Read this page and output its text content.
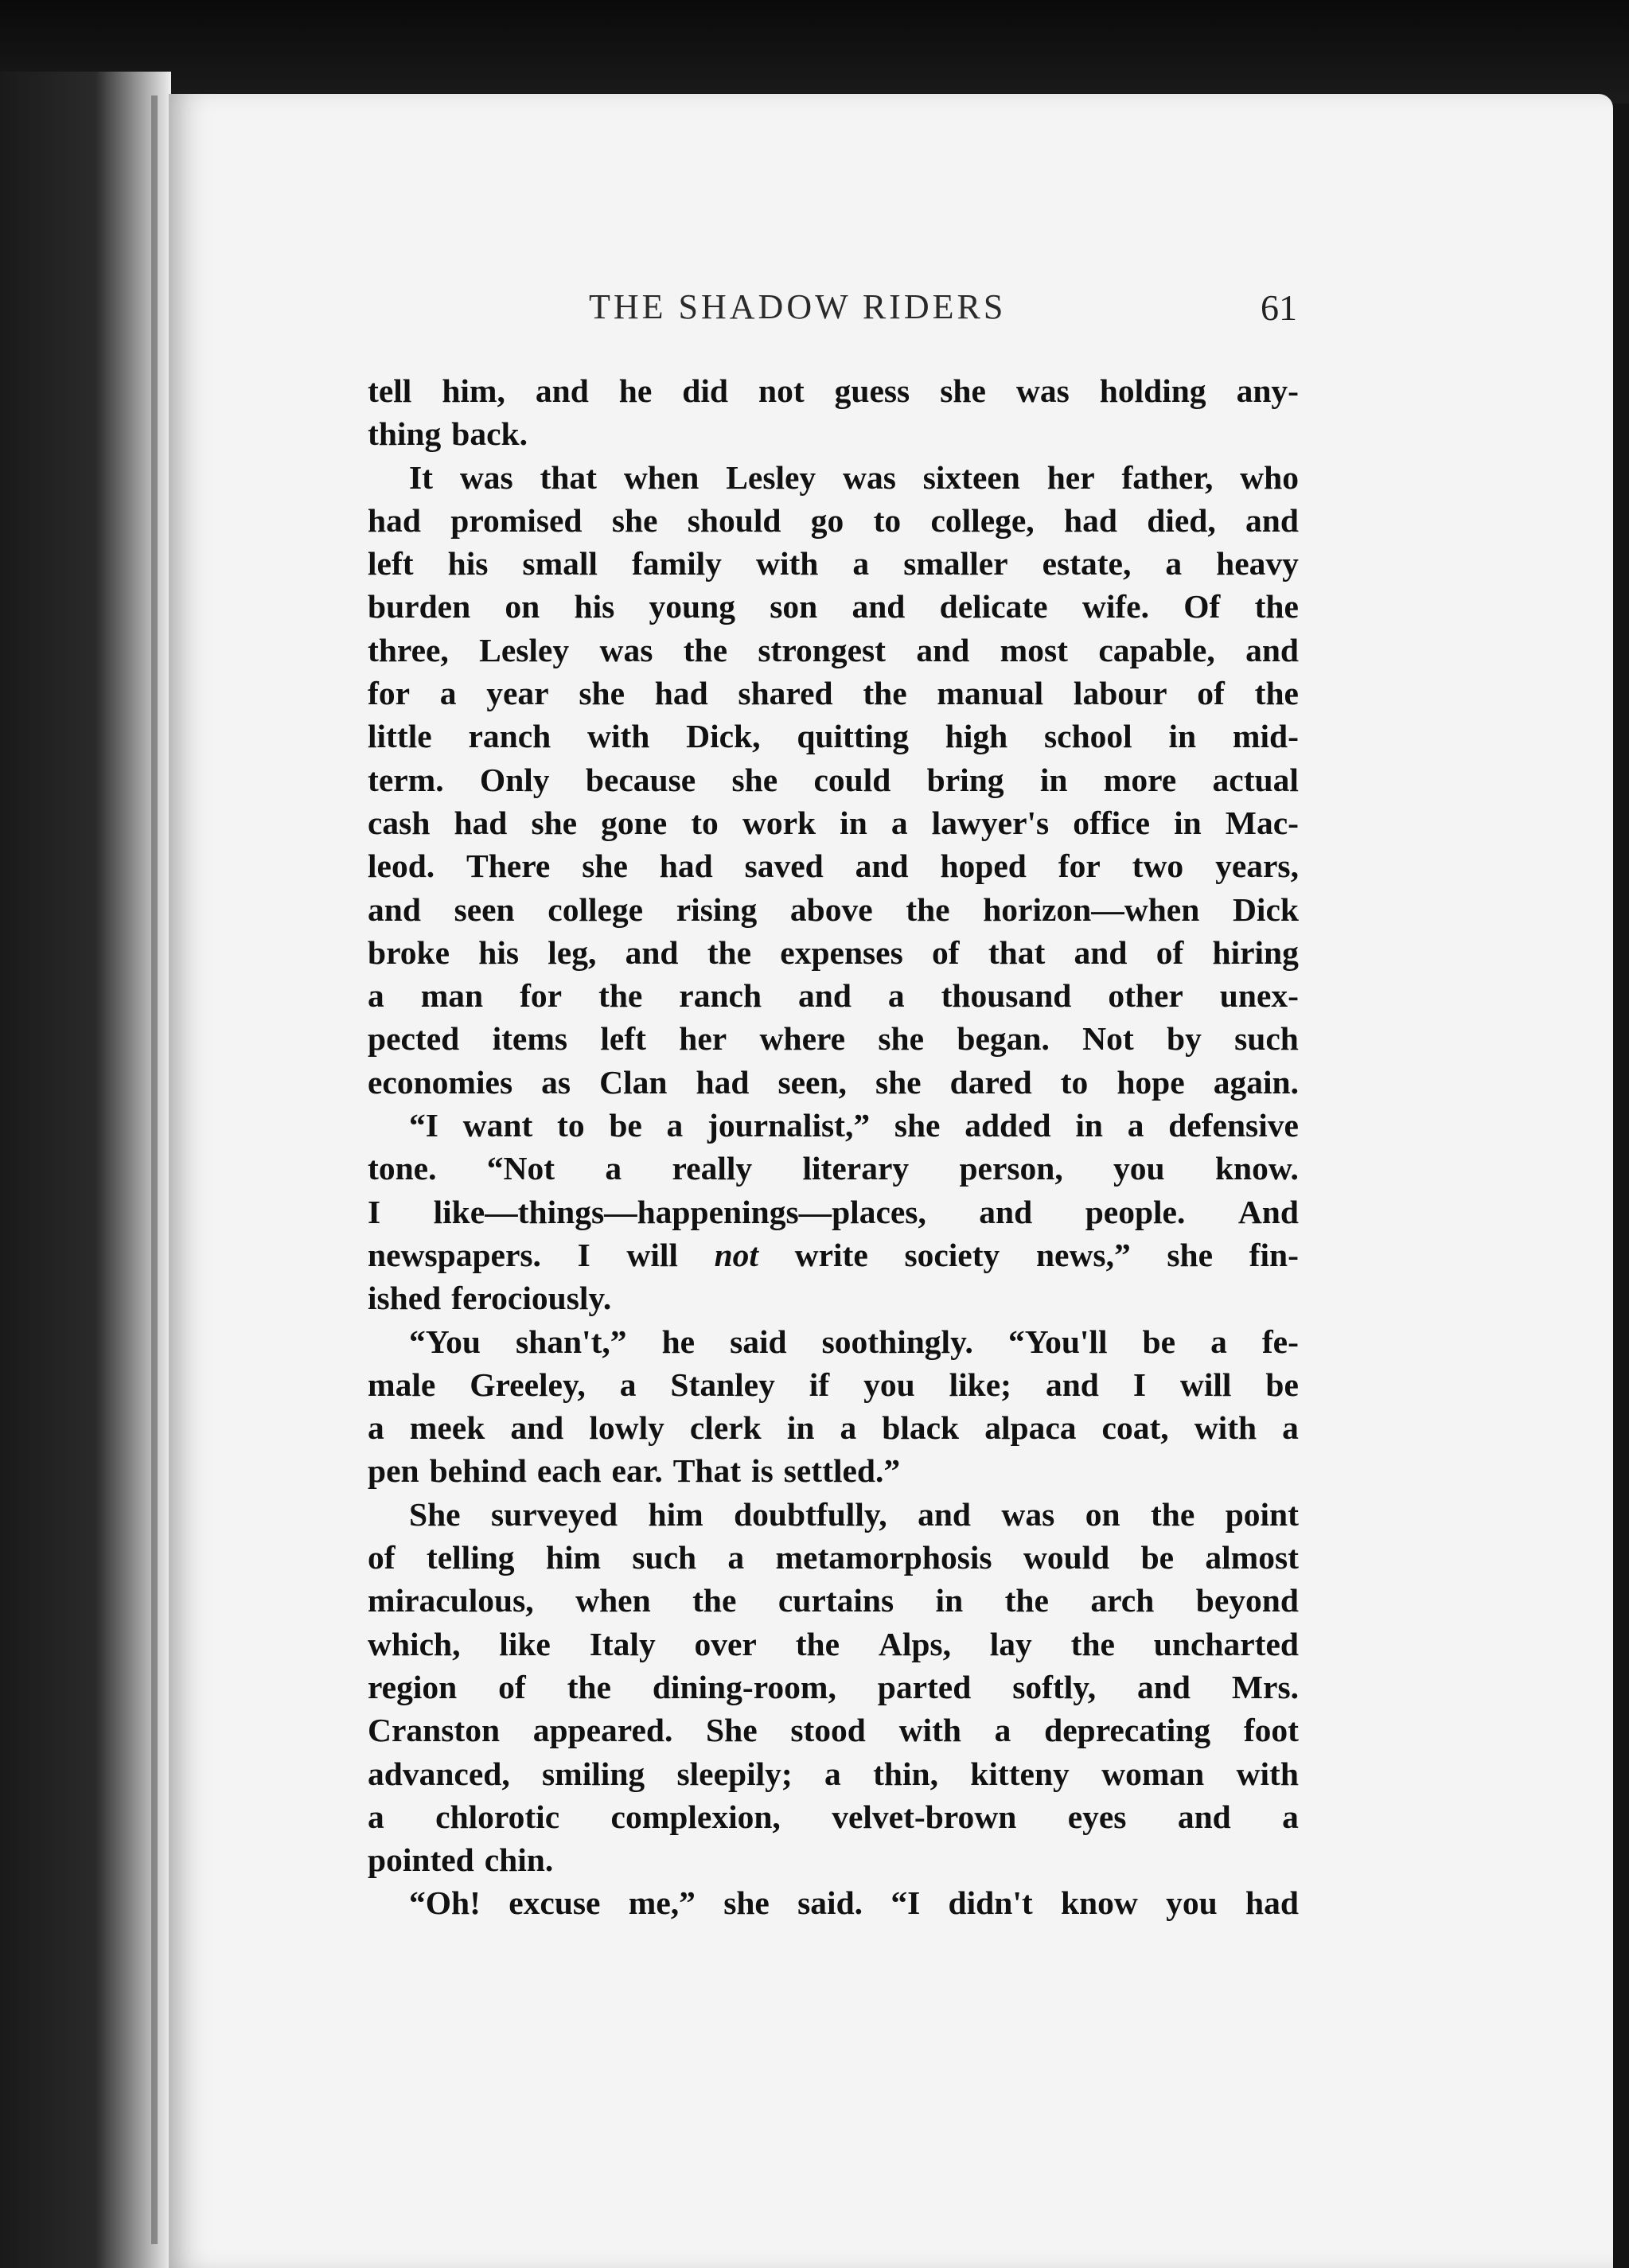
THE SHADOW RIDERS	61
tell him, and he did not guess she was holding any-
thing back.
It was that when Lesley was sixteen her father, who
had promised she should go to college, had died, and
left his small family with a smaller estate, a heavy
burden on his young son and delicate wife. Of the
three, Lesley was the strongest and most capable, and
for a year she had shared the manual labour of the
little ranch with Dick, quitting high school in mid-
term. Only because she could bring in more actual
cash had she gone to work in a lawyer's office in Mac-
leod. There she had saved and hoped for two years,
and seen college rising above the horizon—when Dick
broke his leg, and the expenses of that and of hiring
a man for the ranch and a thousand other unex-
pected items left her where she began. Not by such
economies as Clan had seen, she dared to hope again.
“I want to be a journalist,” she added in a defensive
tone. “Not a really literary person, you know.
I like—things—happenings—places, and people. And
newspapers. I will not write society news,” she fin-
ished ferociously.
“You shan't,” he said soothingly. “You'll be a fe-
male Greeley, a Stanley if you like; and I will be
a meek and lowly clerk in a black alpaca coat, with a
pen behind each ear. That is settled.”
She surveyed him doubtfully, and was on the point
of telling him such a metamorphosis would be almost
miraculous, when the curtains in the arch beyond
which, like Italy over the Alps, lay the uncharted
region of the dining-room, parted softly, and Mrs.
Cranston appeared. She stood with a deprecating foot
advanced, smiling sleepily; a thin, kitteny woman with
a chlorotic complexion, velvet-brown eyes and a
pointed chin.
“Oh! excuse me,” she said. “I didn't know you had
